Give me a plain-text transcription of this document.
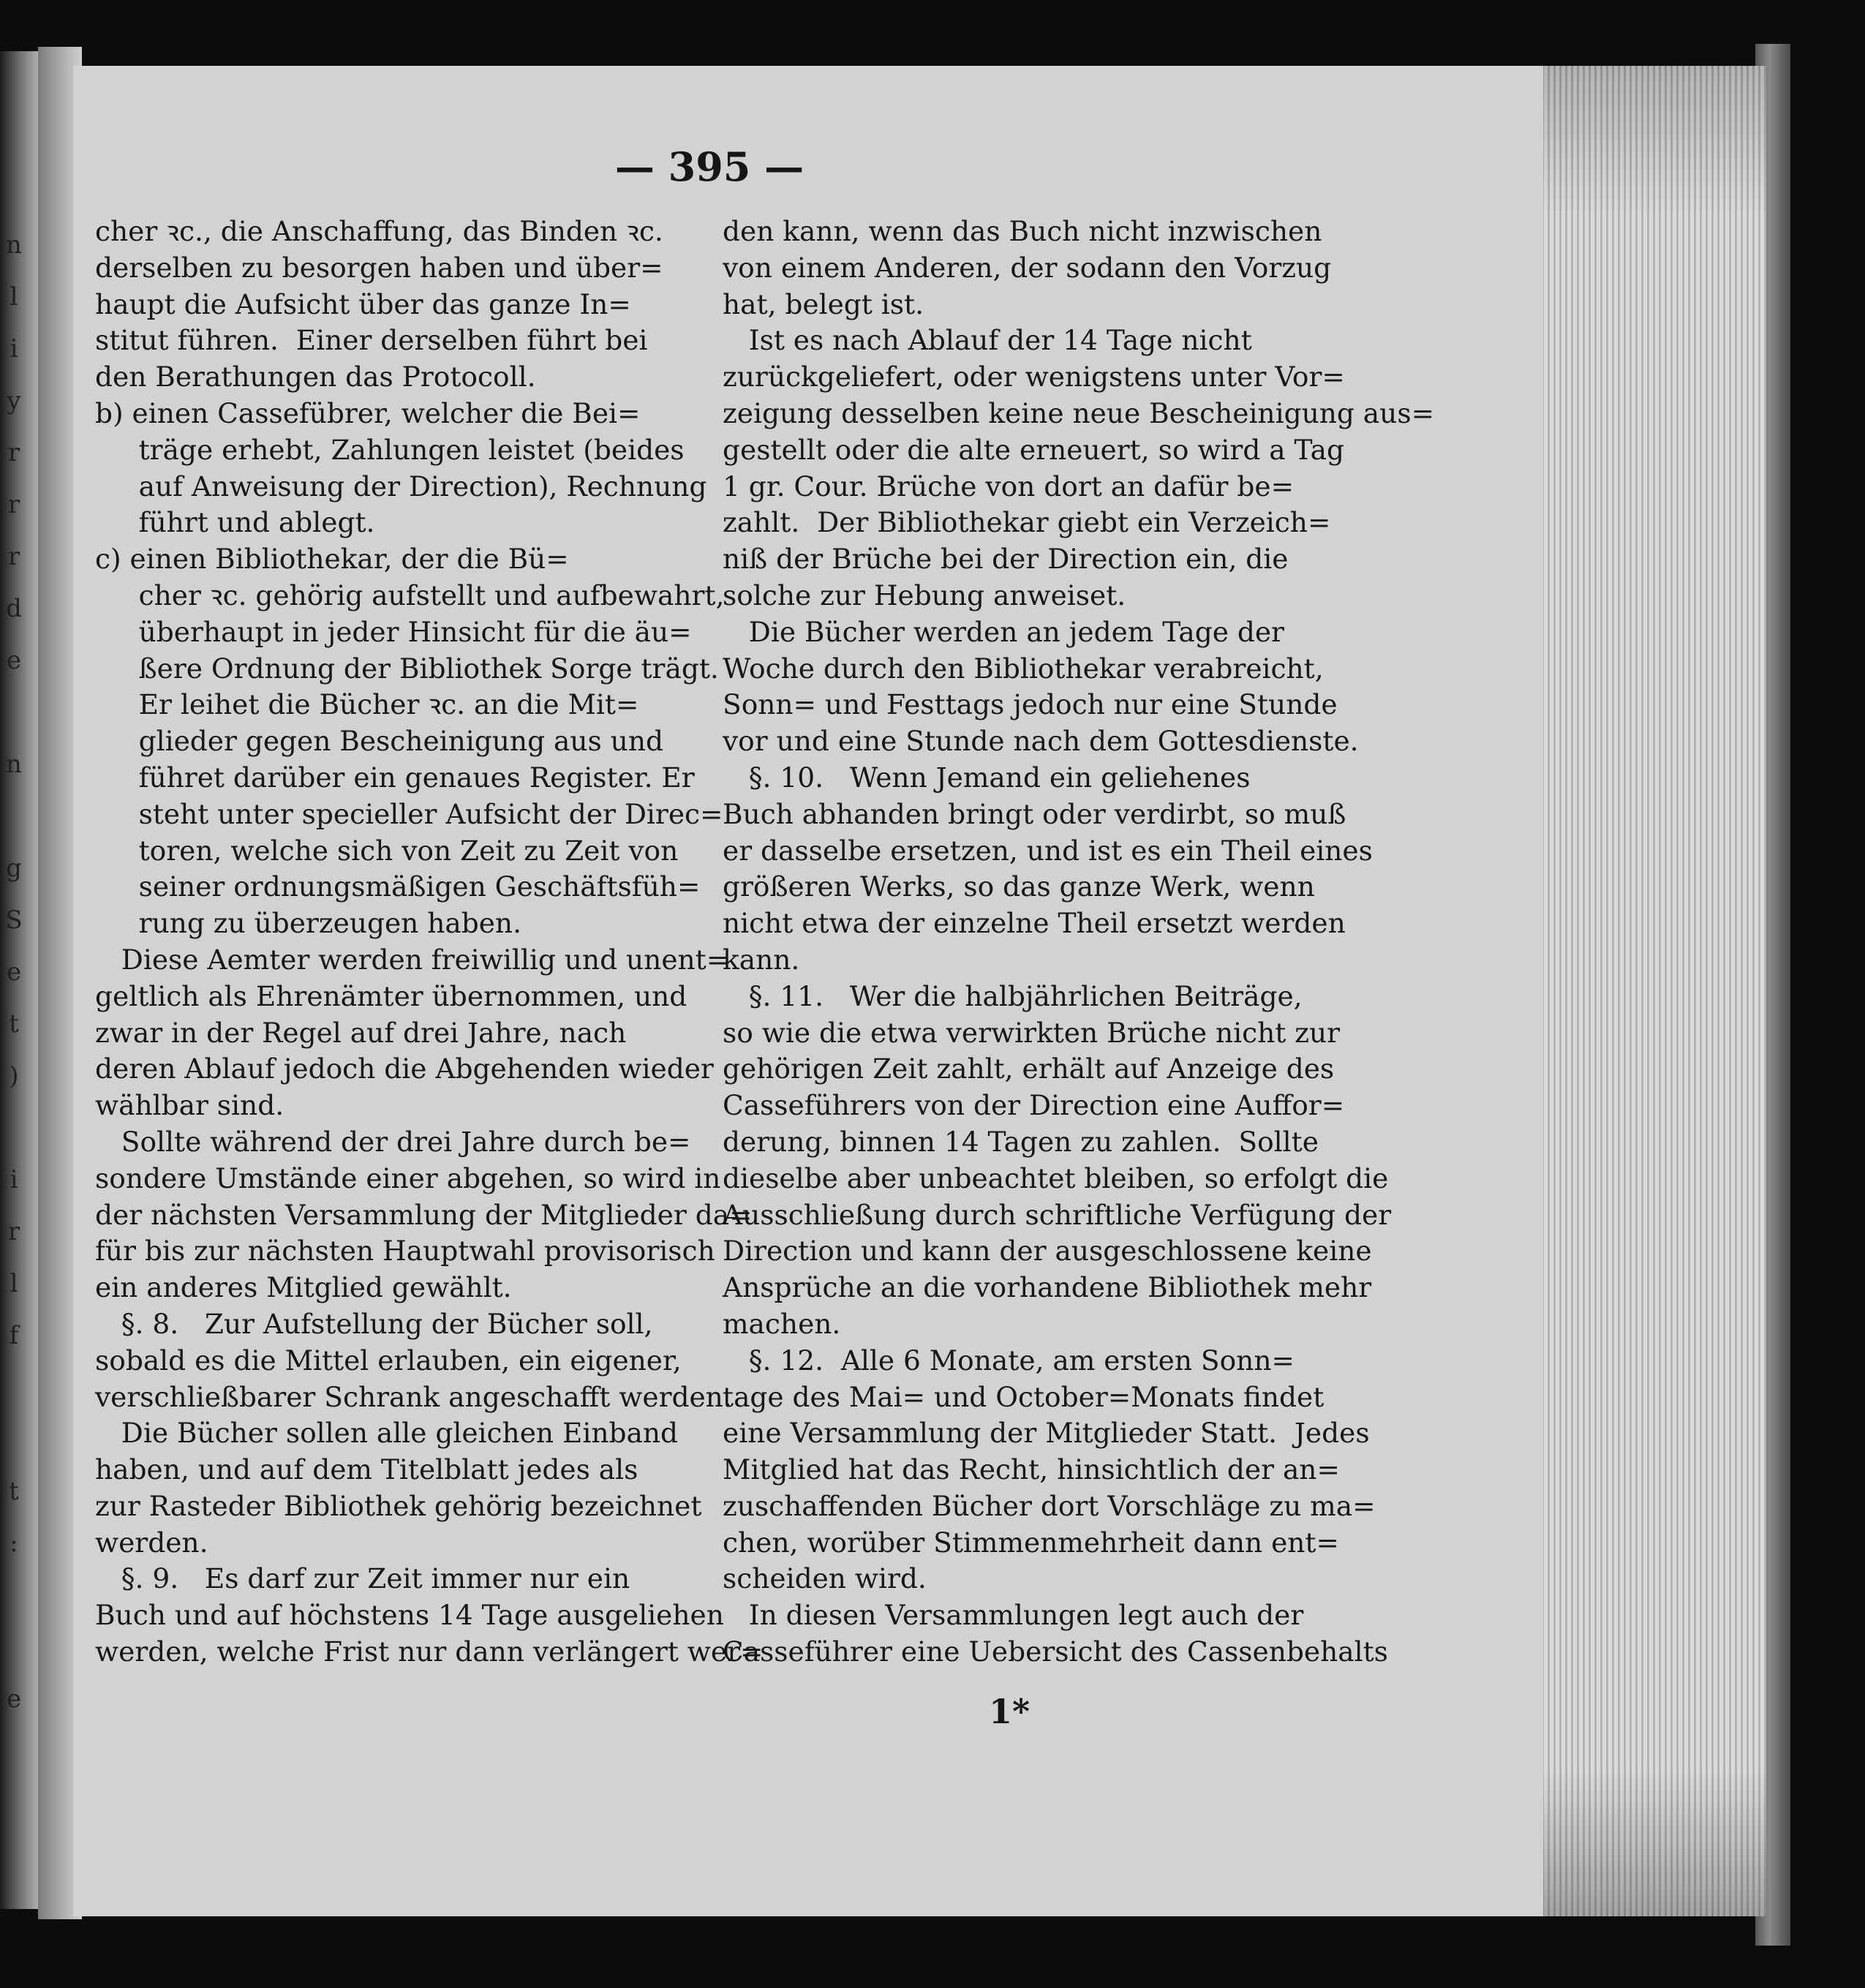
n
l
i
y
r
r
r
d
e

n

g
S
e
t
)

i
r
l
f

t
:

e
— 395 —
cher ꝛc., die Anschaffung, das Binden ꝛc.
derselben zu besorgen haben und über=
haupt die Aufsicht über das ganze In=
stitut führen.  Einer derselben führt bei
den Berathungen das Protocoll.
b) einen Cassefübrer, welcher die Bei=
träge erhebt, Zahlungen leistet (beides
auf Anweisung der Direction), Rechnung
führt und ablegt.
c) einen Bibliothekar, der die Bü=
cher ꝛc. gehörig aufstellt und aufbewahrt,
überhaupt in jeder Hinsicht für die äu=
ßere Ordnung der Bibliothek Sorge trägt.
Er leihet die Bücher ꝛc. an die Mit=
glieder gegen Bescheinigung aus und
führet darüber ein genaues Register. Er
steht unter specieller Aufsicht der Direc=
toren, welche sich von Zeit zu Zeit von
seiner ordnungsmäßigen Geschäftsfüh=
rung zu überzeugen haben.
Diese Aemter werden freiwillig und unent=
geltlich als Ehrenämter übernommen, und
zwar in der Regel auf drei Jahre, nach
deren Ablauf jedoch die Abgehenden wieder
wählbar sind.
Sollte während der drei Jahre durch be=
sondere Umstände einer abgehen, so wird in
der nächsten Versammlung der Mitglieder da=
für bis zur nächsten Hauptwahl provisorisch
ein anderes Mitglied gewählt.
§. 8.   Zur Aufstellung der Bücher soll,
sobald es die Mittel erlauben, ein eigener,
verschließbarer Schrank angeschafft werden.
Die Bücher sollen alle gleichen Einband
haben, und auf dem Titelblatt jedes als
zur Rasteder Bibliothek gehörig bezeichnet
werden.
§. 9.   Es darf zur Zeit immer nur ein
Buch und auf höchstens 14 Tage ausgeliehen
werden, welche Frist nur dann verlängert wer=
den kann, wenn das Buch nicht inzwischen
von einem Anderen, der sodann den Vorzug
hat, belegt ist.
Ist es nach Ablauf der 14 Tage nicht
zurückgeliefert, oder wenigstens unter Vor=
zeigung desselben keine neue Bescheinigung aus=
gestellt oder die alte erneuert, so wird a Tag
1 gr. Cour. Brüche von dort an dafür be=
zahlt.  Der Bibliothekar giebt ein Verzeich=
niß der Brüche bei der Direction ein, die
solche zur Hebung anweiset.
Die Bücher werden an jedem Tage der
Woche durch den Bibliothekar verabreicht,
Sonn= und Festtags jedoch nur eine Stunde
vor und eine Stunde nach dem Gottesdienste.
§. 10.   Wenn Jemand ein geliehenes
Buch abhanden bringt oder verdirbt, so muß
er dasselbe ersetzen, und ist es ein Theil eines
größeren Werks, so das ganze Werk, wenn
nicht etwa der einzelne Theil ersetzt werden
kann.
§. 11.   Wer die halbjährlichen Beiträge,
so wie die etwa verwirkten Brüche nicht zur
gehörigen Zeit zahlt, erhält auf Anzeige des
Casseführers von der Direction eine Auffor=
derung, binnen 14 Tagen zu zahlen.  Sollte
dieselbe aber unbeachtet bleiben, so erfolgt die
Ausschließung durch schriftliche Verfügung der
Direction und kann der ausgeschlossene keine
Ansprüche an die vorhandene Bibliothek mehr
machen.
§. 12.  Alle 6 Monate, am ersten Sonn=
tage des Mai= und October=Monats findet
eine Versammlung der Mitglieder Statt.  Jedes
Mitglied hat das Recht, hinsichtlich der an=
zuschaffenden Bücher dort Vorschläge zu ma=
chen, worüber Stimmenmehrheit dann ent=
scheiden wird.
In diesen Versammlungen legt auch der
Casseführer eine Uebersicht des Cassenbehalts
1*
